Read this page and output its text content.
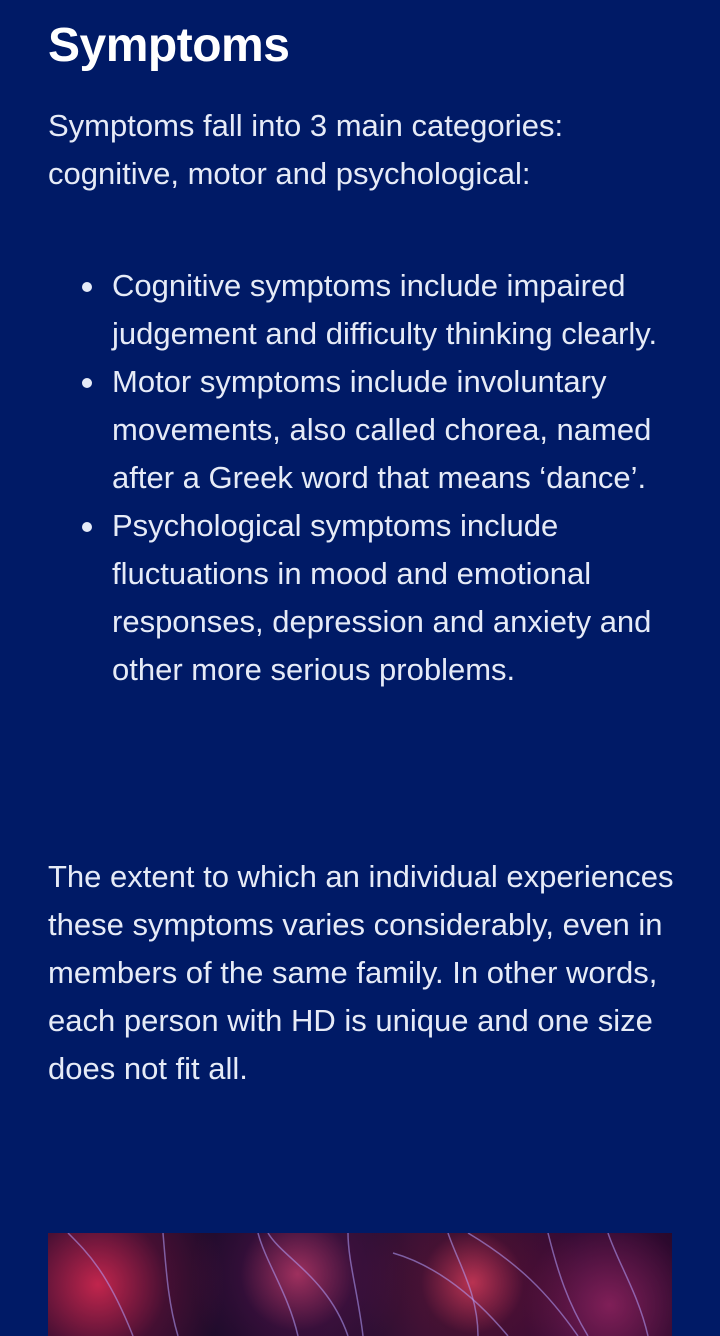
Symptoms

Symptoms fall into 3 main categories: cognitive, motor and psychological:

Cognitive symptoms include impaired judgement and difficulty thinking clearly.
Motor symptoms include involuntary movements, also called chorea, named after a Greek word that means ‘dance’.
Psychological symptoms include fluctuations in mood and emotional responses, depression and anxiety and other more serious problems.

The extent to which an individual experiences these symptoms varies considerably, even in members of the same family. In other words, each person with HD is unique and one size does not fit all.
